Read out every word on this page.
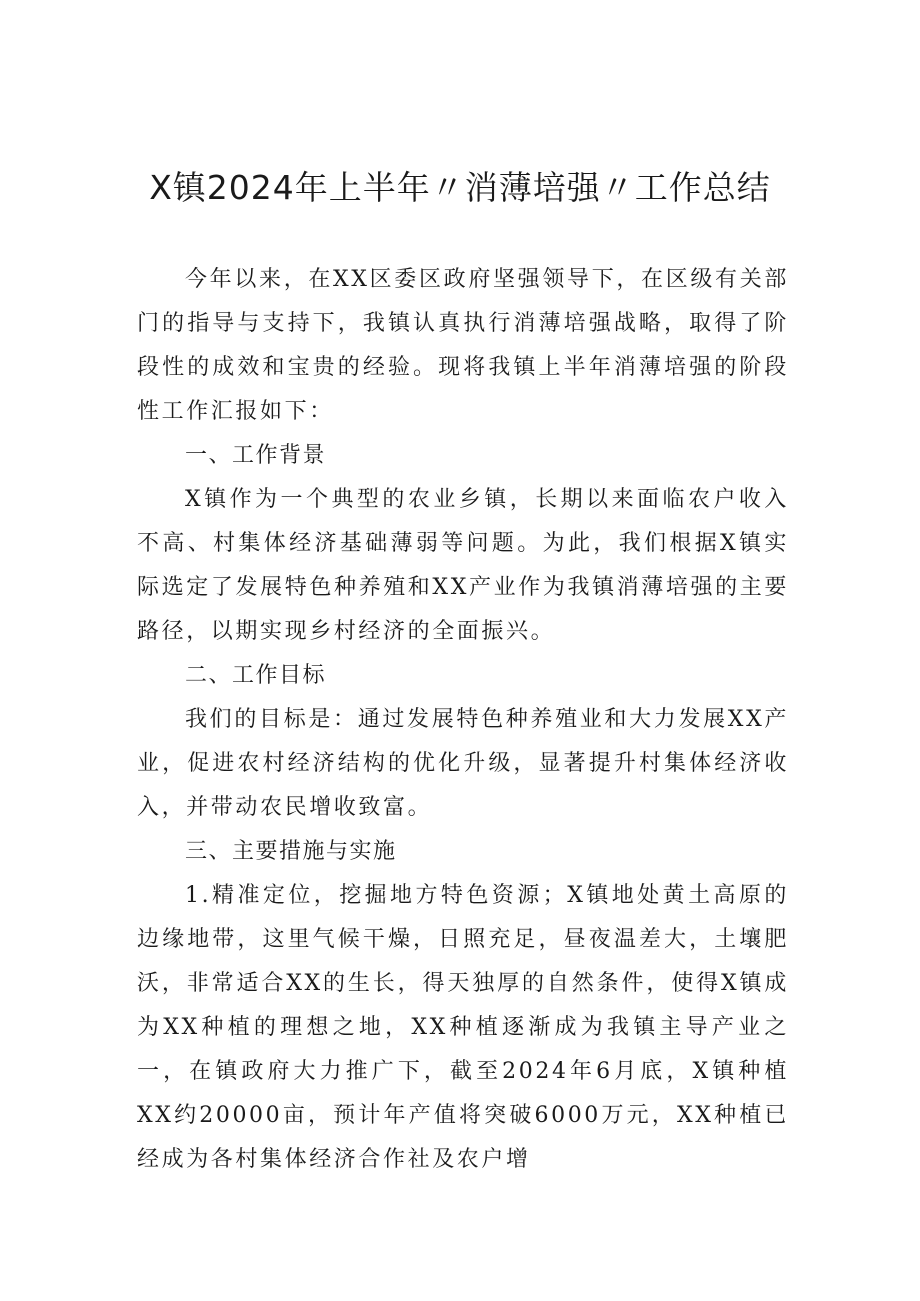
X镇2024年上半年〃消薄培强〃工作总结

今年以来，在XX区委区政府坚强领导下，在区级有关部门的指导与支持下，我镇认真执行消薄培强战略，取得了阶段性的成效和宝贵的经验。现将我镇上半年消薄培强的阶段性工作汇报如下：

一、工作背景

X镇作为一个典型的农业乡镇，长期以来面临农户收入不高、村集体经济基础薄弱等问题。为此，我们根据X镇实际选定了发展特色种养殖和XX产业作为我镇消薄培强的主要路径，以期实现乡村经济的全面振兴。

二、工作目标

我们的目标是：通过发展特色种养殖业和大力发展XX产业，促进农村经济结构的优化升级，显著提升村集体经济收入，并带动农民增收致富。

三、主要措施与实施

1.精准定位，挖掘地方特色资源；X镇地处黄土高原的边缘地带，这里气候干燥，日照充足，昼夜温差大，土壤肥沃，非常适合XX的生长，得天独厚的自然条件，使得X镇成为XX种植的理想之地，XX种植逐渐成为我镇主导产业之一，在镇政府大力推广下，截至2024年6月底，X镇种植XX约20000亩，预计年产值将突破6000万元，XX种植已经成为各村集体经济合作社及农户增
